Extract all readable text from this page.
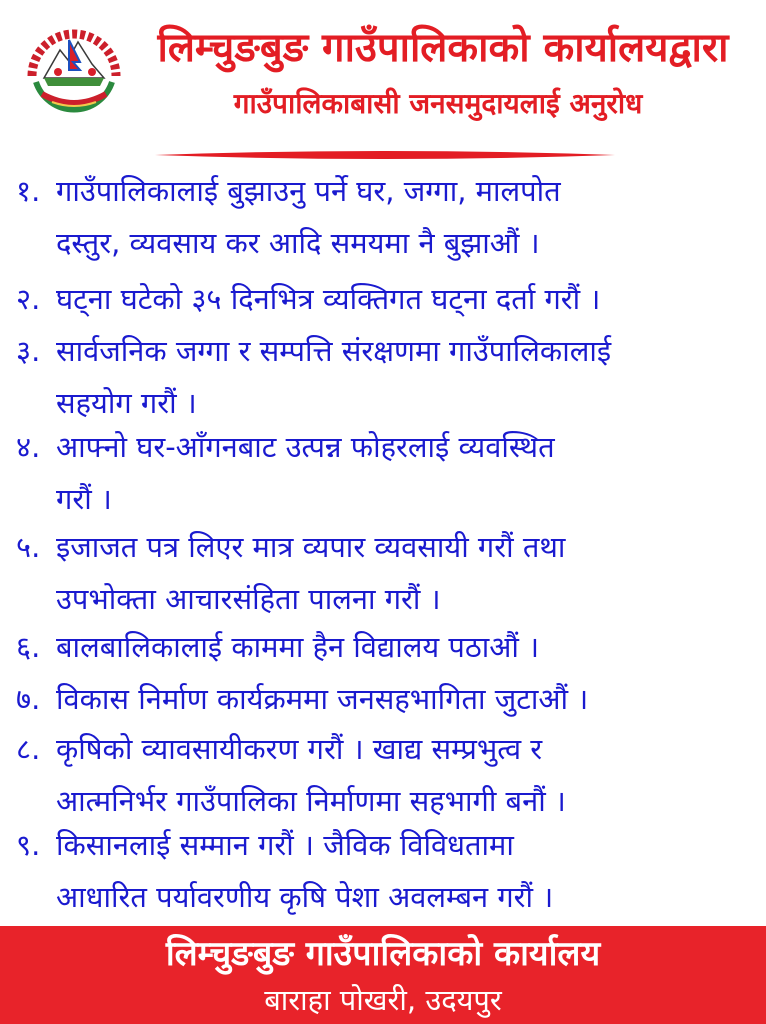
लिम्चुङबुङ गाउँपालिकाको कार्यालयद्वारा
गाउँपालिकाबासी जनसमुदायलाई अनुरोध
१. गाउँपालिकालाई बुझाउनु पर्ने घर, जग्गा, मालपोत
दस्तुर, व्यवसाय कर आदि समयमा नै बुझाऔं ।
२. घट्ना घटेको ३५ दिनभित्र व्यक्तिगत घट्ना दर्ता गरौं ।
३. सार्वजनिक जग्गा र सम्पत्ति संरक्षणमा गाउँपालिकालाई
सहयोग गरौं ।
४. आफ्नो घर-आँगनबाट उत्पन्न फोहरलाई व्यवस्थित
गरौं ।
५. इजाजत पत्र लिएर मात्र व्यपार व्यवसायी गरौं तथा
उपभोक्ता आचारसंहिता पालना गरौं ।
६. बालबालिकालाई काममा हैन विद्यालय पठाऔं ।
७. विकास निर्माण कार्यक्रममा जनसहभागिता जुटाऔं ।
८. कृषिको व्यावसायीकरण गरौं । खाद्य सम्प्रभुत्व र
आत्मनिर्भर गाउँपालिका निर्माणमा सहभागी बनौं ।
९. किसानलाई सम्मान गरौं । जैविक विविधतामा
आधारित पर्यावरणीय कृषि पेशा अवलम्बन गरौं ।
लिम्चुङबुङ गाउँपालिकाको कार्यालय
बाराहा पोखरी, उदयपुर
